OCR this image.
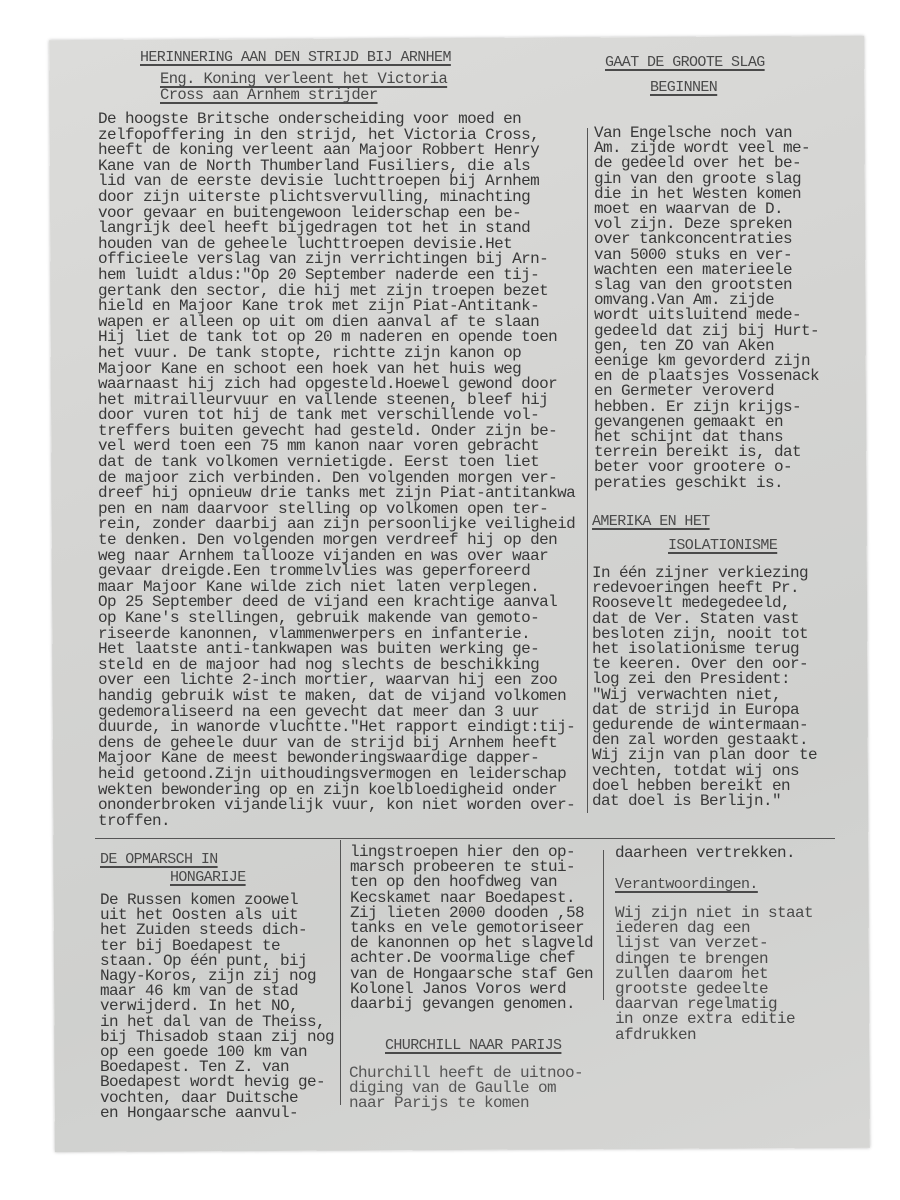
HERINNERING AAN DEN STRIJD BIJ ARNHEM
Eng. Koning verleent het Victoria
Cross aan Arnhem strijder
De hoogste Britsche onderscheiding voor moed en
zelfopoffering in den strijd, het Victoria Cross,
heeft de koning verleent aan Majoor Robbert Henry
Kane van de North Thumberland Fusiliers, die als
lid van de eerste devisie luchttroepen bij Arnhem
door zijn uiterste plichtsvervulling, minachting
voor gevaar en buitengewoon leiderschap een be-
langrijk deel heeft bijgedragen tot het in stand
houden van de geheele luchttroepen devisie.Het
officieele verslag van zijn verrichtingen bij Arn-
hem luidt aldus:"Op 20 September naderde een tij-
gertank den sector, die hij met zijn troepen bezet
hield en Majoor Kane trok met zijn Piat-Antitank-
wapen er alleen op uit om dien aanval af te slaan
Hij liet de tank tot op 20 m naderen en opende toen
het vuur. De tank stopte, richtte zijn kanon op
Majoor Kane en schoot een hoek van het huis weg
waarnaast hij zich had opgesteld.Hoewel gewond door
het mitrailleurvuur en vallende steenen, bleef hij
door vuren tot hij de tank met verschillende vol-
treffers buiten gevecht had gesteld. Onder zijn be-
vel werd toen een 75 mm kanon naar voren gebracht
dat de tank volkomen vernietigde. Eerst toen liet
de majoor zich verbinden. Den volgenden morgen ver-
dreef hij opnieuw drie tanks met zijn Piat-antitankwa
pen en nam daarvoor stelling op volkomen open ter-
rein, zonder daarbij aan zijn persoonlijke veiligheid
te denken. Den volgenden morgen verdreef hij op den
weg naar Arnhem tallooze vijanden en was over waar
gevaar dreigde.Een trommelvlies was geperforeerd
maar Majoor Kane wilde zich niet laten verplegen.
Op 25 September deed de vijand een krachtige aanval
op Kane's stellingen, gebruik makende van gemoto-
riseerde kanonnen, vlammenwerpers en infanterie.
Het laatste anti-tankwapen was buiten werking ge-
steld en de majoor had nog slechts de beschikking
over een lichte 2-inch mortier, waarvan hij een zoo
handig gebruik wist te maken, dat de vijand volkomen
gedemoraliseerd na een gevecht dat meer dan 3 uur
duurde, in wanorde vluchtte."Het rapport eindigt:tij-
dens de geheele duur van de strijd bij Arnhem heeft
Majoor Kane de meest bewonderingswaardige dapper-
heid getoond.Zijn uithoudingsvermogen en leiderschap
wekten bewondering op en zijn koelbloedigheid onder
ononderbroken vijandelijk vuur, kon niet worden over-
troffen.
GAAT DE GROOTE SLAG
BEGINNEN
Van Engelsche noch van
Am. zijde wordt veel me-
de gedeeld over het be-
gin van den groote slag
die in het Westen komen
moet en waarvan de D.
vol zijn. Deze spreken
over tankconcentraties
van 5000 stuks en ver-
wachten een materieele
slag van den grootsten
omvang.Van Am. zijde
wordt uitsluitend mede-
gedeeld dat zij bij Hurt-
gen, ten ZO van Aken
eenige km gevorderd zijn
en de plaatsjes Vossenack
en Germeter veroverd
hebben. Er zijn krijgs-
gevangenen gemaakt en
het schijnt dat thans
terrein bereikt is, dat
beter voor grootere o-
peraties geschikt is.
AMERIKA EN HET
ISOLATIONISME
In één zijner verkiezing
redevoeringen heeft Pr.
Roosevelt medegedeeld,
dat de Ver. Staten vast
besloten zijn, nooit tot
het isolationisme terug
te keeren. Over den oor-
log zei den President:
"Wij verwachten niet,
dat de strijd in Europa
gedurende de wintermaan-
den zal worden gestaakt.
Wij zijn van plan door te
vechten, totdat wij ons
doel hebben bereikt en
dat doel is Berlijn."
DE OPMARSCH IN
HONGARIJE
De Russen komen zoowel
uit het Oosten als uit
het Zuiden steeds dich-
ter bij Boedapest te
staan. Op één punt, bij
Nagy-Koros, zijn zij nog
maar 46 km van de stad
verwijderd. In het NO,
in het dal van de Theiss,
bij Thisadob staan zij nog
op een goede 100 km van
Boedapest. Ten Z. van
Boedapest wordt hevig ge-
vochten, daar Duitsche
en Hongaarsche aanvul-
lingstroepen hier den op-
marsch probeeren te stui-
ten op den hoofdweg van
Kecskamet naar Boedapest.
Zij lieten 2000 dooden ,58
tanks en vele gemotoriseer
de kanonnen op het slagveld
achter.De voormalige chef
van de Hongaarsche staf Gen
Kolonel Janos Voros werd
daarbij gevangen genomen.
CHURCHILL NAAR PARIJS
Churchill heeft de uitnoo-
diging van de Gaulle om
naar Parijs te komen
daarheen vertrekken.
Verantwoordingen.
Wij zijn niet in staat
iederen dag een
lijst van verzet-
dingen te brengen
zullen daarom het
grootste gedeelte
daarvan regelmatig
in onze extra editie
afdrukken
